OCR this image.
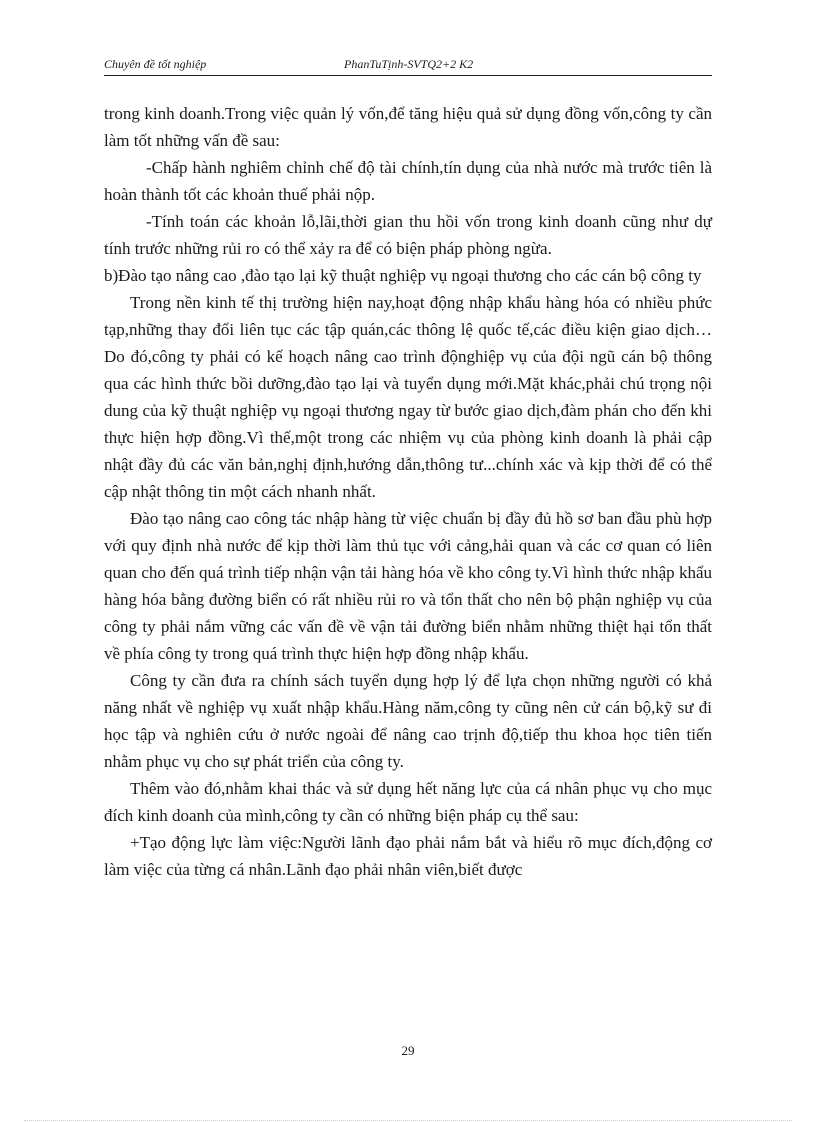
Chuyên đề tốt nghiệp	PhanTuTịnh-SVTQ2+2 K2

trong kinh doanh.Trong việc quản lý vốn,để tăng hiệu quả sử dụng đồng vốn,công ty cần làm tốt những vấn đề sau:

-Chấp hành nghiêm chỉnh chế độ tài chính,tín dụng của nhà nước mà trước tiên là hoàn thành tốt các khoản thuế phải nộp.

-Tính toán các khoản lỗ,lãi,thời gian thu hồi vốn trong kinh doanh cũng như dự tính trước những rủi ro có thể xảy ra để có biện pháp phòng ngừa.

b)Đào tạo nâng cao ,đào tạo lại kỹ thuật nghiệp vụ ngoại thương cho các cán bộ công ty

Trong nền kinh tế thị trường hiện nay,hoạt động nhập khẩu hàng hóa có nhiều phức tạp,những thay đổi liên tục các tập quán,các thông lệ quốc tế,các điều kiện giao dịch… Do đó,công ty phải có kế hoạch nâng cao trình độnghiệp vụ của đội ngũ cán bộ thông qua các hình thức bồi dưỡng,đào tạo lại và tuyển dụng mới.Mặt khác,phải chú trọng nội dung của kỹ thuật nghiệp vụ ngoại thương ngay từ bước giao dịch,đàm phán cho đến khi thực hiện hợp đồng.Vì thế,một trong các nhiệm vụ của phòng kinh doanh là phải cập nhật đầy đủ các văn bản,nghị định,hướng dẫn,thông tư...chính xác và kịp thời để có thể cập nhật thông tin một cách nhanh nhất.

Đào tạo nâng cao công tác nhập hàng từ việc chuẩn bị đầy đủ hồ sơ ban đầu phù hợp với quy định nhà nước để kịp thời làm thủ tục với cảng,hải quan và các cơ quan có liên quan cho đến quá trình tiếp nhận vận tải hàng hóa về kho công ty.Vì hình thức nhập khẩu hàng hóa bằng đường biển có rất nhiều rủi ro và tổn thất cho nên bộ phận nghiệp vụ của công ty phải nắm vững các vấn đề về vận tải đường biển nhằm những thiệt hại tổn thất về phía công ty trong quá trình thực hiện hợp đồng nhập khẩu.

Công ty cần đưa ra chính sách tuyển dụng hợp lý để lựa chọn những người có khả năng nhất về nghiệp vụ xuất nhập khẩu.Hàng năm,công ty cũng nên cử cán bộ,kỹ sư đi học tập và nghiên cứu ở nước ngoài để nâng cao trịnh độ,tiếp thu khoa học tiên tiến nhằm phục vụ cho sự phát triển của công ty.

Thêm vào đó,nhằm khai thác và sử dụng hết năng lực của cá nhân phục vụ cho mục đích kinh doanh của mình,công ty cần có những biện pháp cụ thể sau:

+Tạo động lực làm việc:Người lãnh đạo phải nắm bắt và hiểu rõ mục đích,động cơ làm việc của từng cá nhân.Lãnh đạo phải nhân viên,biết được

29
